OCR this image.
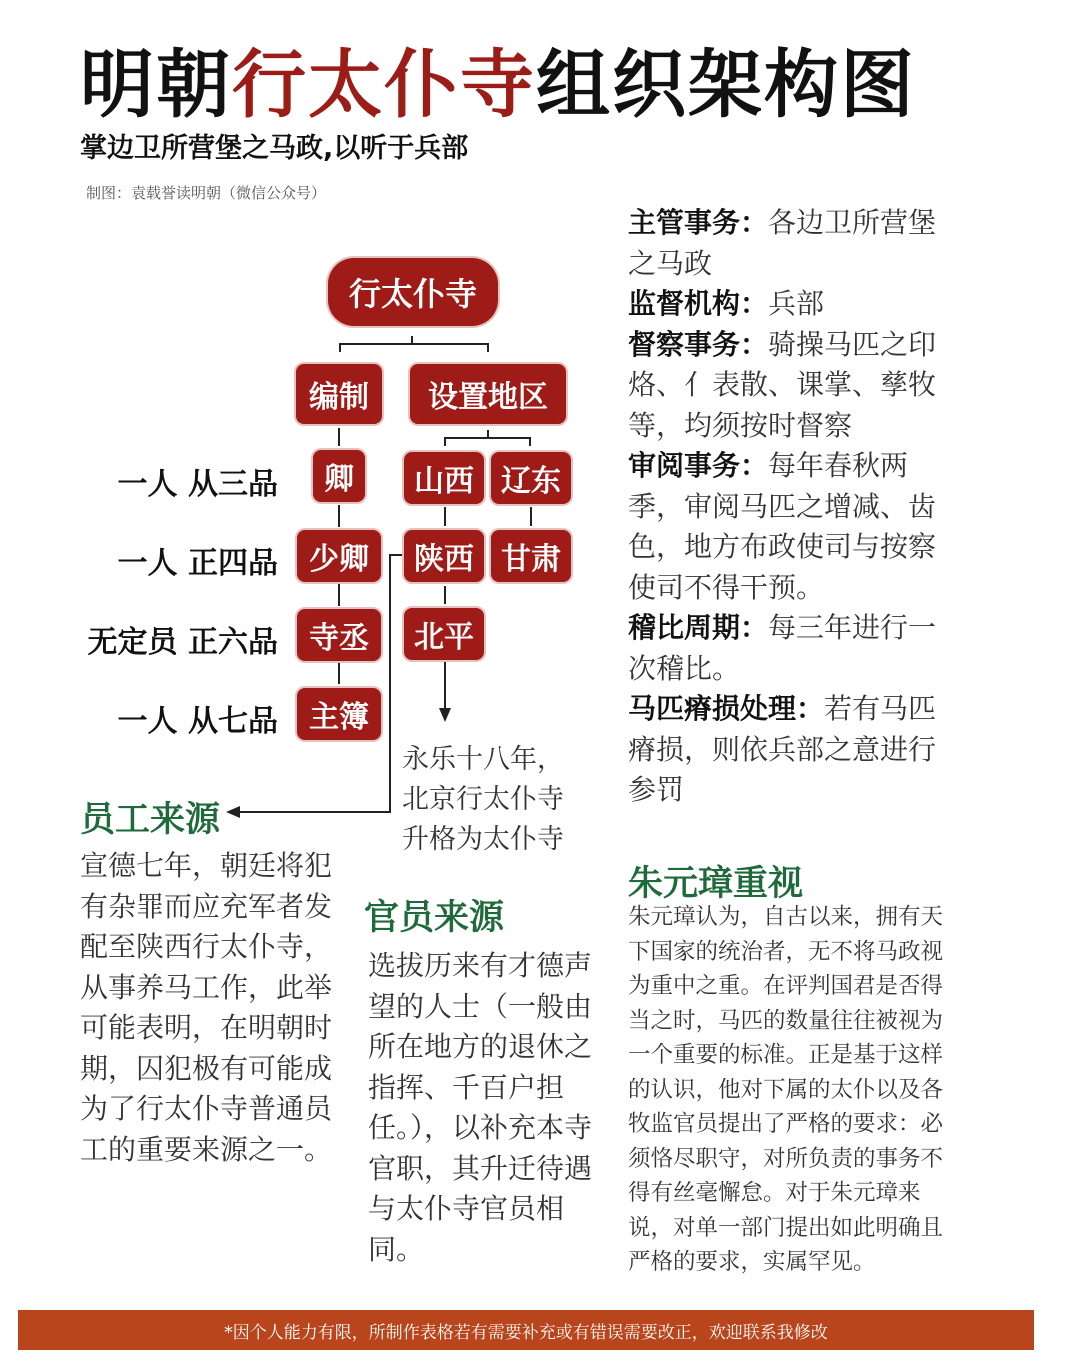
明朝行太仆寺组织架构图
掌边卫所营堡之马政,以听于兵部
制图：袁载誉读明朝（微信公众号）
行太仆寺
编制	设置地区
卿
少卿
寺丞
主簿
一人 从三品
一人 正四品
无定员 正六品
一人 从七品
山西 辽东
陕西 甘肃
北平
永乐十八年，北京行太仆寺升格为太仆寺

主管事务：各边卫所营堡之马政

监督机构：兵部

督察事务：骑操马匹之印烙、亻表散、课掌、孳牧等，均须按时督察

审阅事务：每年春秋两季，审阅马匹之增减、齿色，地方布政使司与按察使司不得干预。

稽比周期：每三年进行一次稽比。

马匹瘠损处理：若有马匹瘠损，则依兵部之意进行参罚

员工来源
宣德七年，朝廷将犯有杂罪而应充军者发配至陕西行太仆寺，从事养马工作，此举可能表明，在明朝时期，囚犯极有可能成为了行太仆寺普通员工的重要来源之一。
官员来源
选拔历来有才德声望的人士（一般由所在地方的退休之指挥、千百户担任。），以补充本寺官职，其升迁待遇与太仆寺官员相同。
朱元璋重视
朱元璋认为，自古以来，拥有天下国家的统治者，无不将马政视为重中之重。在评判国君是否得当之时，马匹的数量往往被视为一个重要的标准。正是基于这样的认识，他对下属的太仆以及各牧监官员提出了严格的要求：必须恪尽职守，对所负责的事务不得有丝毫懈怠。对于朱元璋来说，对单一部门提出如此明确且严格的要求，实属罕见。
*因个人能力有限，所制作表格若有需要补充或有错误需要改正，欢迎联系我修改
